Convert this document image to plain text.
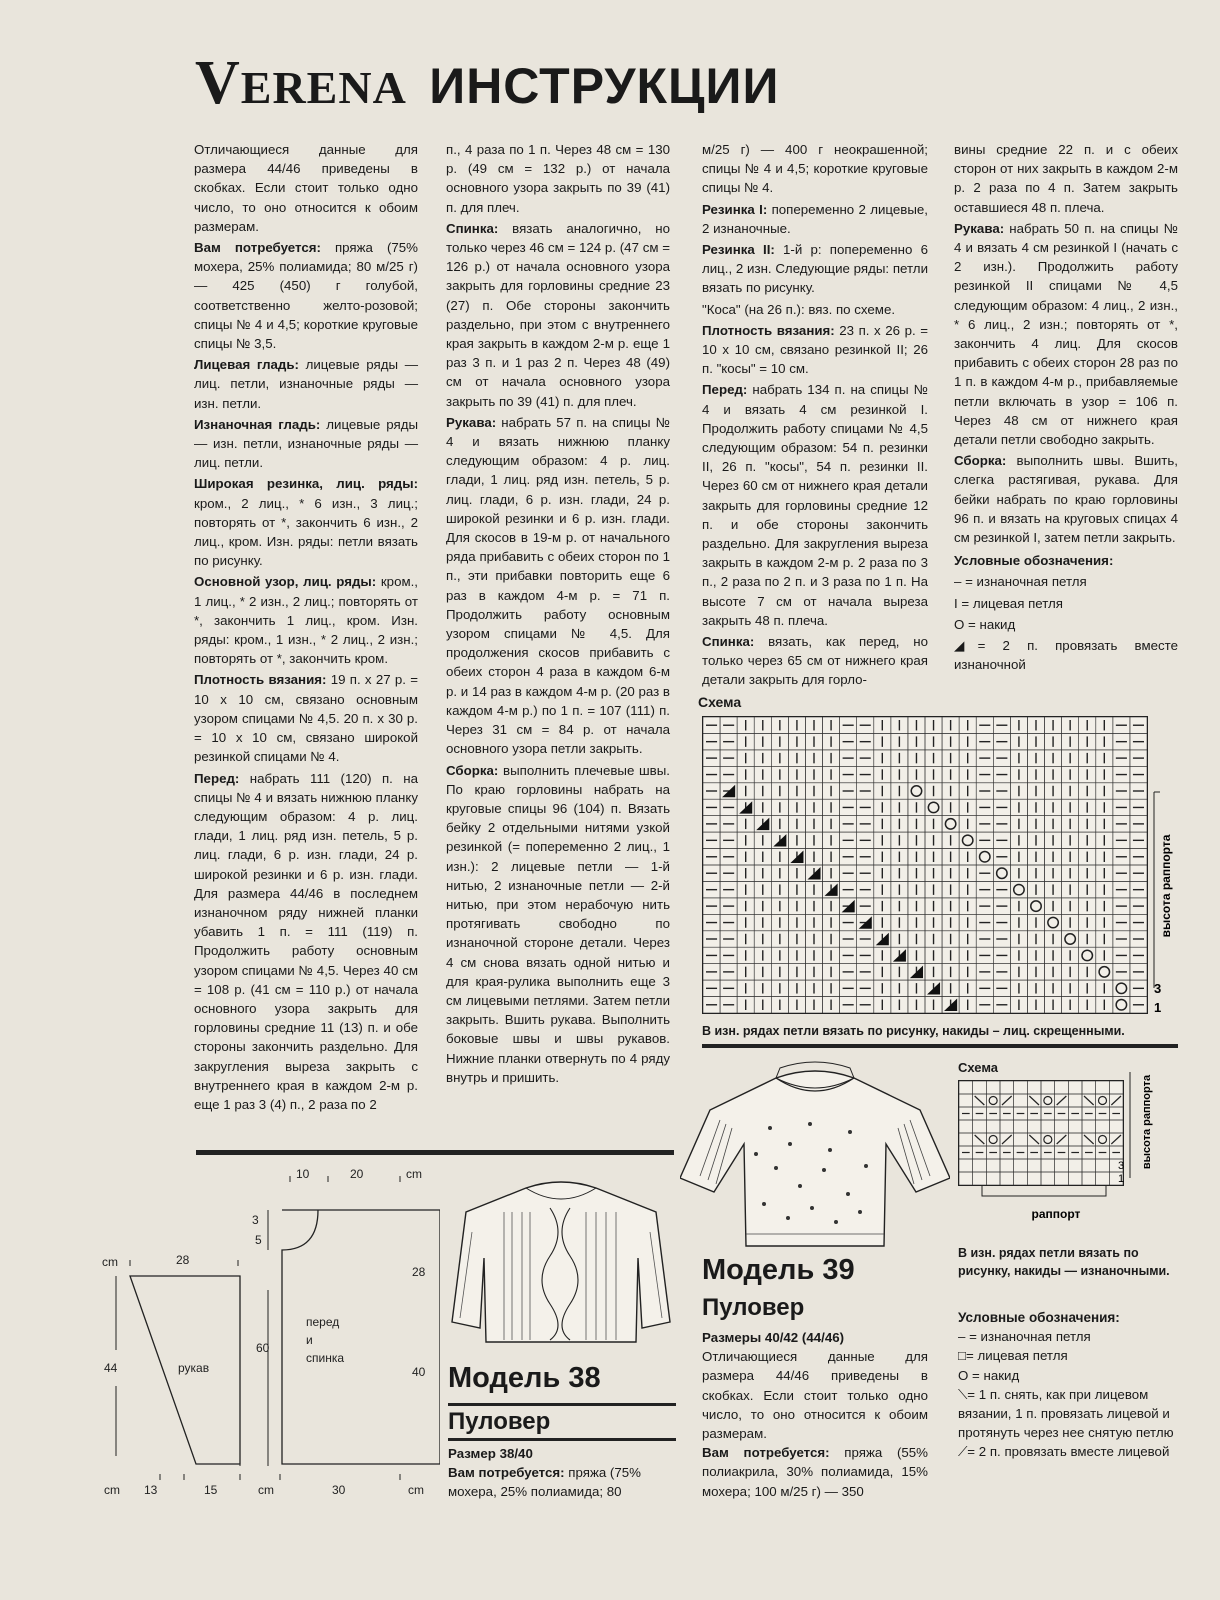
VERENA ИНСТРУКЦИИ

Отличающиеся данные для размера 44/46 приведены в скобках. Если стоит только одно число, то оно относится к обоим размерам.

Вам потребуется: пряжа (75% мохера, 25% полиамида; 80 м/25 г) — 425 (450) г голубой, соответственно желто-розовой; спицы № 4 и 4,5; короткие круговые спицы № 3,5.

Лицевая гладь: лицевые ряды — лиц. петли, изнаночные ряды — изн. петли.

Изнаночная гладь: лицевые ряды — изн. петли, изнаночные ряды — лиц. петли.

Широкая резинка, лиц. ряды: кром., 2 лиц., * 6 изн., 3 лиц.; повторять от *, закончить 6 изн., 2 лиц., кром. Изн. ряды: петли вязать по рисунку.

Основной узор, лиц. ряды: кром., 1 лиц., * 2 изн., 2 лиц.; повторять от *, закончить 1 лиц., кром. Изн. ряды: кром., 1 изн., * 2 лиц., 2 изн.; повторять от *, закончить кром.

Плотность вязания: 19 п. х 27 р. = 10 х 10 см, связано основным узором спицами № 4,5. 20 п. х 30 р. = 10 х 10 см, связано широкой резинкой спицами № 4.

Перед: набрать 111 (120) п. на спицы № 4 и вязать нижнюю планку следующим образом: 4 р. лиц. глади, 1 лиц. ряд изн. петель, 5 р. лиц. глади, 6 р. изн. глади, 24 р. широкой резинки и 6 р. изн. глади. Для размера 44/46 в последнем изнаночном ряду нижней планки убавить 1 п. = 111 (119) п. Продолжить работу основным узором спицами № 4,5. Через 40 см = 108 р. (41 см = 110 р.) от начала основного узора закрыть для горловины средние 11 (13) п. и обе стороны закончить раздельно. Для закругления выреза закрыть с внутреннего края в каждом 2-м р. еще 1 раз 3 (4) п., 2 раза по 2

п., 4 раза по 1 п. Через 48 см = 130 р. (49 см = 132 р.) от начала основного узора закрыть по 39 (41) п. для плеч.

Спинка: вязать аналогично, но только через 46 см = 124 р. (47 см = 126 р.) от начала основного узора закрыть для горловины средние 23 (27) п. Обе стороны закончить раздельно, при этом с внутреннего края закрыть в каждом 2-м р. еще 1 раз 3 п. и 1 раз 2 п. Через 48 (49) см от начала основного узора закрыть по 39 (41) п. для плеч.

Рукава: набрать 57 п. на спицы № 4 и вязать нижнюю планку следующим образом: 4 р. лиц. глади, 1 лиц. ряд изн. петель, 5 р. лиц. глади, 6 р. изн. глади, 24 р. широкой резинки и 6 р. изн. глади. Для скосов в 19-м р. от начального ряда прибавить с обеих сторон по 1 п., эти прибавки повторить еще 6 раз в каждом 4-м р. = 71 п. Продолжить работу основным узором спицами № 4,5. Для продолжения скосов прибавить с обеих сторон 4 раза в каждом 6-м р. и 14 раз в каждом 4-м р. (20 раз в каждом 4-м р.) по 1 п. = 107 (111) п. Через 31 см = 84 р. от начала основного узора петли закрыть.

Сборка: выполнить плечевые швы. По краю горловины набрать на круговые спицы 96 (104) п. Вязать бейку 2 отдельными нитями узкой резинкой (= попеременно 2 лиц., 1 изн.): 2 лицевые петли — 1-й нитью, 2 изнаночные петли — 2-й нитью, при этом нерабочую нить протягивать свободно по изнаночной стороне детали. Через 4 см снова вязать одной нитью и для края-рулика выполнить еще 3 см лицевыми петлями. Затем петли закрыть. Вшить рукава. Выполнить боковые швы и швы рукавов. Нижние планки отвернуть по 4 ряду внутрь и пришить.

м/25 г) — 400 г неокрашенной; спицы № 4 и 4,5; короткие круговые спицы № 4.

Резинка I: попеременно 2 лицевые, 2 изнаночные.

Резинка II: 1-й р: попеременно 6 лиц., 2 изн. Следующие ряды: петли вязать по рисунку.

"Коса" (на 26 п.): вяз. по схеме.

Плотность вязания: 23 п. х 26 р. = 10 х 10 см, связано резинкой II; 26 п. "косы" = 10 см.

Перед: набрать 134 п. на спицы № 4 и вязать 4 см резинкой I. Продолжить работу спицами № 4,5 следующим образом: 54 п. резинки II, 26 п. "косы", 54 п. резинки II. Через 60 см от нижнего края детали закрыть для горловины средние 12 п. и обе стороны закончить раздельно. Для закругления выреза закрыть в каждом 2-м р. 2 раза по 3 п., 2 раза по 2 п. и 3 раза по 1 п. На высоте 7 см от начала выреза закрыть 48 п. плеча.

Спинка: вязать, как перед, но только через 65 см от нижнего края детали закрыть для горло-

вины средние 22 п. и с обеих сторон от них закрыть в каждом 2-м р. 2 раза по 4 п. Затем закрыть оставшиеся 48 п. плеча.

Рукава: набрать 50 п. на спицы № 4 и вязать 4 см резинкой I (начать с 2 изн.). Продолжить работу резинкой II спицами № 4,5 следующим образом: 4 лиц., 2 изн., * 6 лиц., 2 изн.; повторять от *, закончить 4 лиц. Для скосов прибавить с обеих сторон 28 раз по 1 п. в каждом 4-м р., прибавляемые петли включать в узор = 106 п. Через 48 см от нижнего края детали петли свободно закрыть.

Сборка: выполнить швы. Вшить, слегка растягивая, рукава. Для бейки набрать по краю горловины 96 п. и вязать на круговых спицах 4 см резинкой I, затем петли закрыть.

Условные обозначения:

– = изнаночная петля

I = лицевая петля

O = накид

◢= 2 п. провязать вместе изнаночной

Схема
высота раппорта
3
1
В изн. рядах петли вязать по рисунку, накиды – лиц. скрещенными.
Схема
высота раппорта
3
1
раппорт
В изн. рядах петли вязать по рисунку, накиды — изнаночными.
Модель 39
Пуловер

Размеры 40/42 (44/46)

Отличающиеся данные для размера 44/46 приведены в скобках. Если стоит только одно число, то оно относится к обоим размерам.

Вам потребуется: пряжа (55% полиакрила, 30% полиамида, 15% мохера; 100 м/25 г) — 350

Условные обозначения:

– = изнаночная петля

□= лицевая петля

O = накид

⟍= 1 п. снять, как при лицевом вязании, 1 п. провязать лицевой и протянуть через нее снятую петлю

⟋= 2 п. провязать вместе лицевой

10	20	cm
3
5
28
cm	28
60
перед
и
спинка
рукав
44	40
cm 13	15	cm	30	cm
Модель 38
Пуловер

Размер 38/40

Вам потребуется: пряжа (75% мохера, 25% полиамида; 80
